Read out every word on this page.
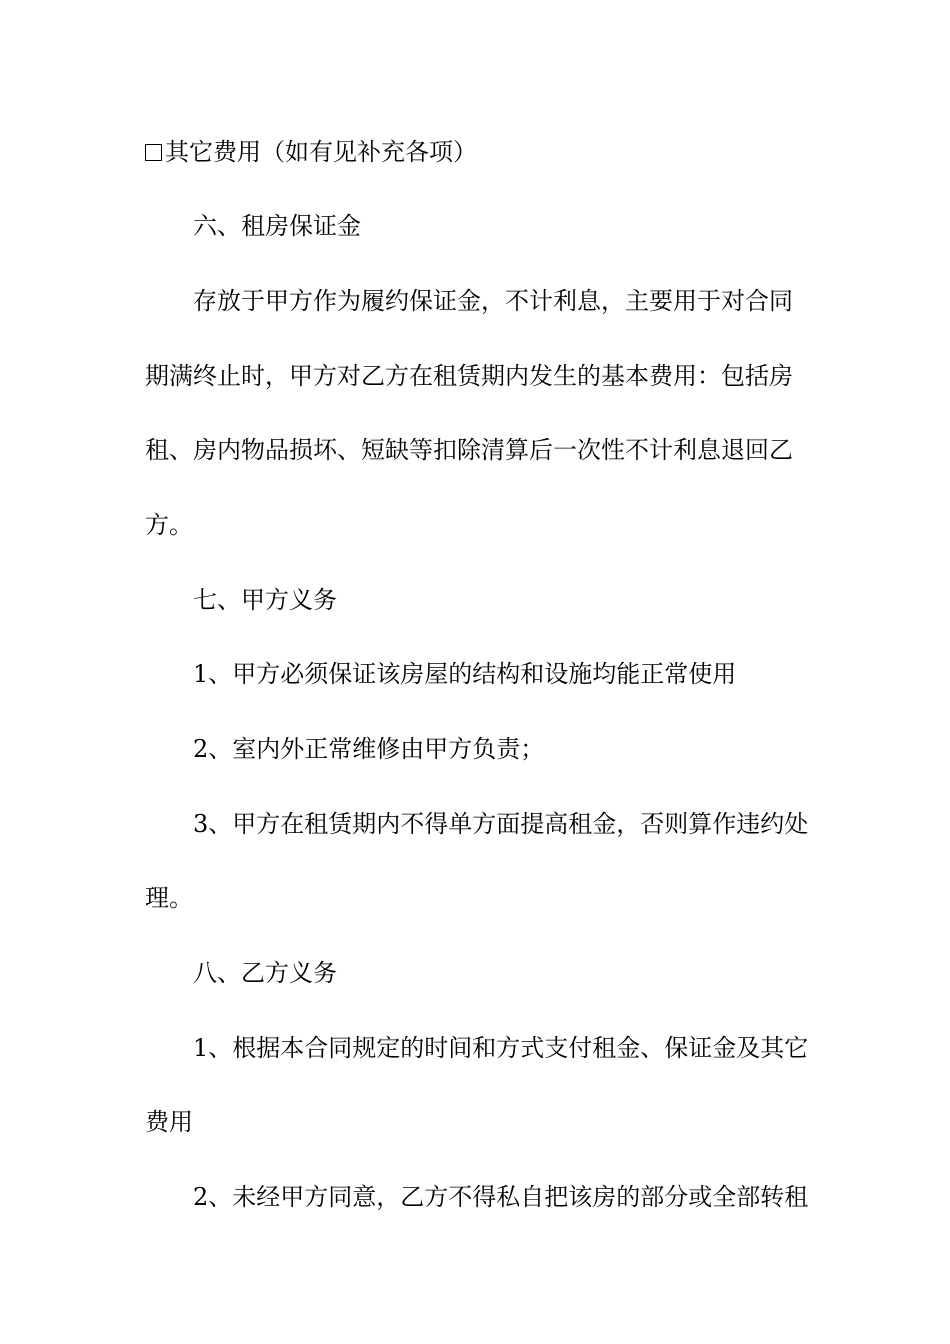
其它费用（如有见补充各项）

六、租房保证金

存放于甲方作为履约保证金，不计利息，主要用于对合同

期满终止时，甲方对乙方在租赁期内发生的基本费用：包括房

租、房内物品损坏、短缺等扣除清算后一次性不计利息退回乙

方。

七、甲方义务

1、甲方必须保证该房屋的结构和设施均能正常使用

2、室内外正常维修由甲方负责；

3、甲方在租赁期内不得单方面提高租金，否则算作违约处

理。

八、乙方义务

1、根据本合同规定的时间和方式支付租金、保证金及其它

费用

2、未经甲方同意，乙方不得私自把该房的部分或全部转租
